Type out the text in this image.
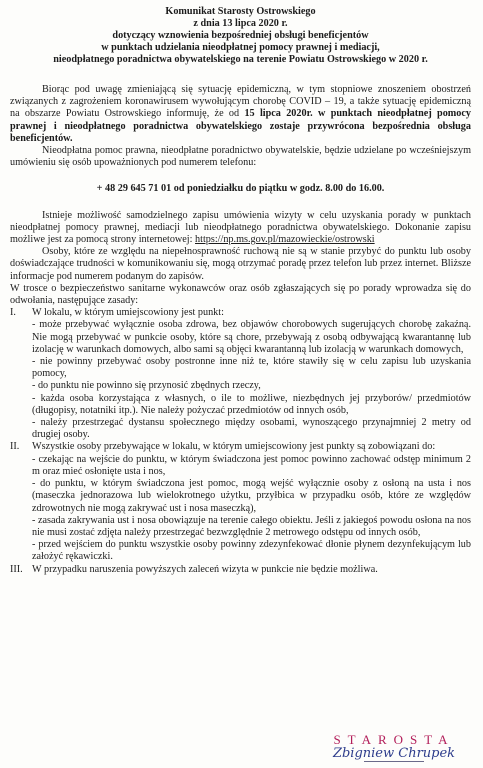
Komunikat Starosty Ostrowskiego
z dnia 13 lipca 2020 r.
dotyczący wznowienia bezpośredniej obsługi beneficjentów
w punktach udzielania nieodpłatnej pomocy prawnej i mediacji,
nieodpłatnego poradnictwa obywatelskiego na terenie Powiatu Ostrowskiego w 2020 r.

Biorąc pod uwagę zmieniającą się sytuację epidemiczną, w tym stopniowe znoszeniem obostrzeń związanych z zagrożeniem koronawirusem wywołującym chorobę COVID – 19, a także sytuację epidemiczną na obszarze Powiatu Ostrowskiego informuję, że od 15 lipca 2020r. w punktach nieodpłatnej pomocy prawnej i nieodpłatnego poradnictwa obywatelskiego zostaje przywrócona bezpośrednia obsługa beneficjentów.

Nieodpłatna pomoc prawna, nieodpłatne poradnictwo obywatelskie, będzie udzielane po wcześniejszym umówieniu się osób upoważnionych pod numerem telefonu:

+ 48 29 645 71 01 od poniedziałku do piątku w godz. 8.00 do 16.00.

Istnieje możliwość samodzielnego zapisu umówienia wizyty w celu uzyskania porady w punktach nieodpłatnej pomocy prawnej, mediacji lub nieodpłatnego poradnictwa obywatelskiego. Dokonanie zapisu możliwe jest za pomocą strony internetowej: https://np.ms.gov.pl/mazowieckie/ostrowski

Osoby, które ze względu na niepełnosprawność ruchową nie są w stanie przybyć do punktu lub osoby doświadczające trudności w komunikowaniu się, mogą otrzymać poradę przez telefon lub przez internet. Bliższe informacje pod numerem podanym do zapisów.

W trosce o bezpieczeństwo sanitarne wykonawców oraz osób zgłaszających się po porady wprowadza się do odwołania, następujące zasady:

I.	W lokalu, w którym umiejscowiony jest punkt:
- może przebywać wyłącznie osoba zdrowa, bez objawów chorobowych sugerujących chorobę zakaźną. Nie mogą przebywać w punkcie osoby, które są chore, przebywają z osobą odbywającą kwarantannę lub izolację w warunkach domowych, albo sami są objęci kwarantanną lub izolacją w warunkach domowych,
- nie powinny przebywać osoby postronne inne niż te, które stawiły się w celu zapisu lub uzyskania pomocy,
- do punktu nie powinno się przynosić zbędnych rzeczy,
- każda osoba korzystająca z własnych, o ile to możliwe, niezbędnych jej przyborów/ przedmiotów (długopisy, notatniki itp.). Nie należy pożyczać przedmiotów od innych osób,
- należy przestrzegać dystansu społecznego między osobami, wynoszącego przynajmniej 2 metry od drugiej osoby.
II.	Wszystkie osoby przebywające w lokalu, w którym umiejscowiony jest punkty są zobowiązani do:
- czekając na wejście do punktu, w którym świadczona jest pomoc powinno zachować odstęp minimum 2 m oraz mieć osłonięte usta i nos,
- do punktu, w którym świadczona jest pomoc, mogą wejść wyłącznie osoby z osłoną na usta i nos (maseczka jednorazowa lub wielokrotnego użytku, przyłbica w przypadku osób, które ze względów zdrowotnych nie mogą zakrywać ust i nosa maseczką),
- zasada zakrywania ust i nosa obowiązuje na terenie całego obiektu. Jeśli z jakiegoś powodu osłona na nos nie musi zostać zdjęta należy przestrzegać bezwzględnie 2 metrowego odstępu od innych osób,
- przed wejściem do punktu wszystkie osoby powinny zdezynfekować dłonie płynem dezynfekującym lub założyć rękawiczki.
III. W przypadku naruszenia powyższych zaleceń wizyta w punkcie nie będzie możliwa.
STAROSTA
Zbigniew Chrupek
